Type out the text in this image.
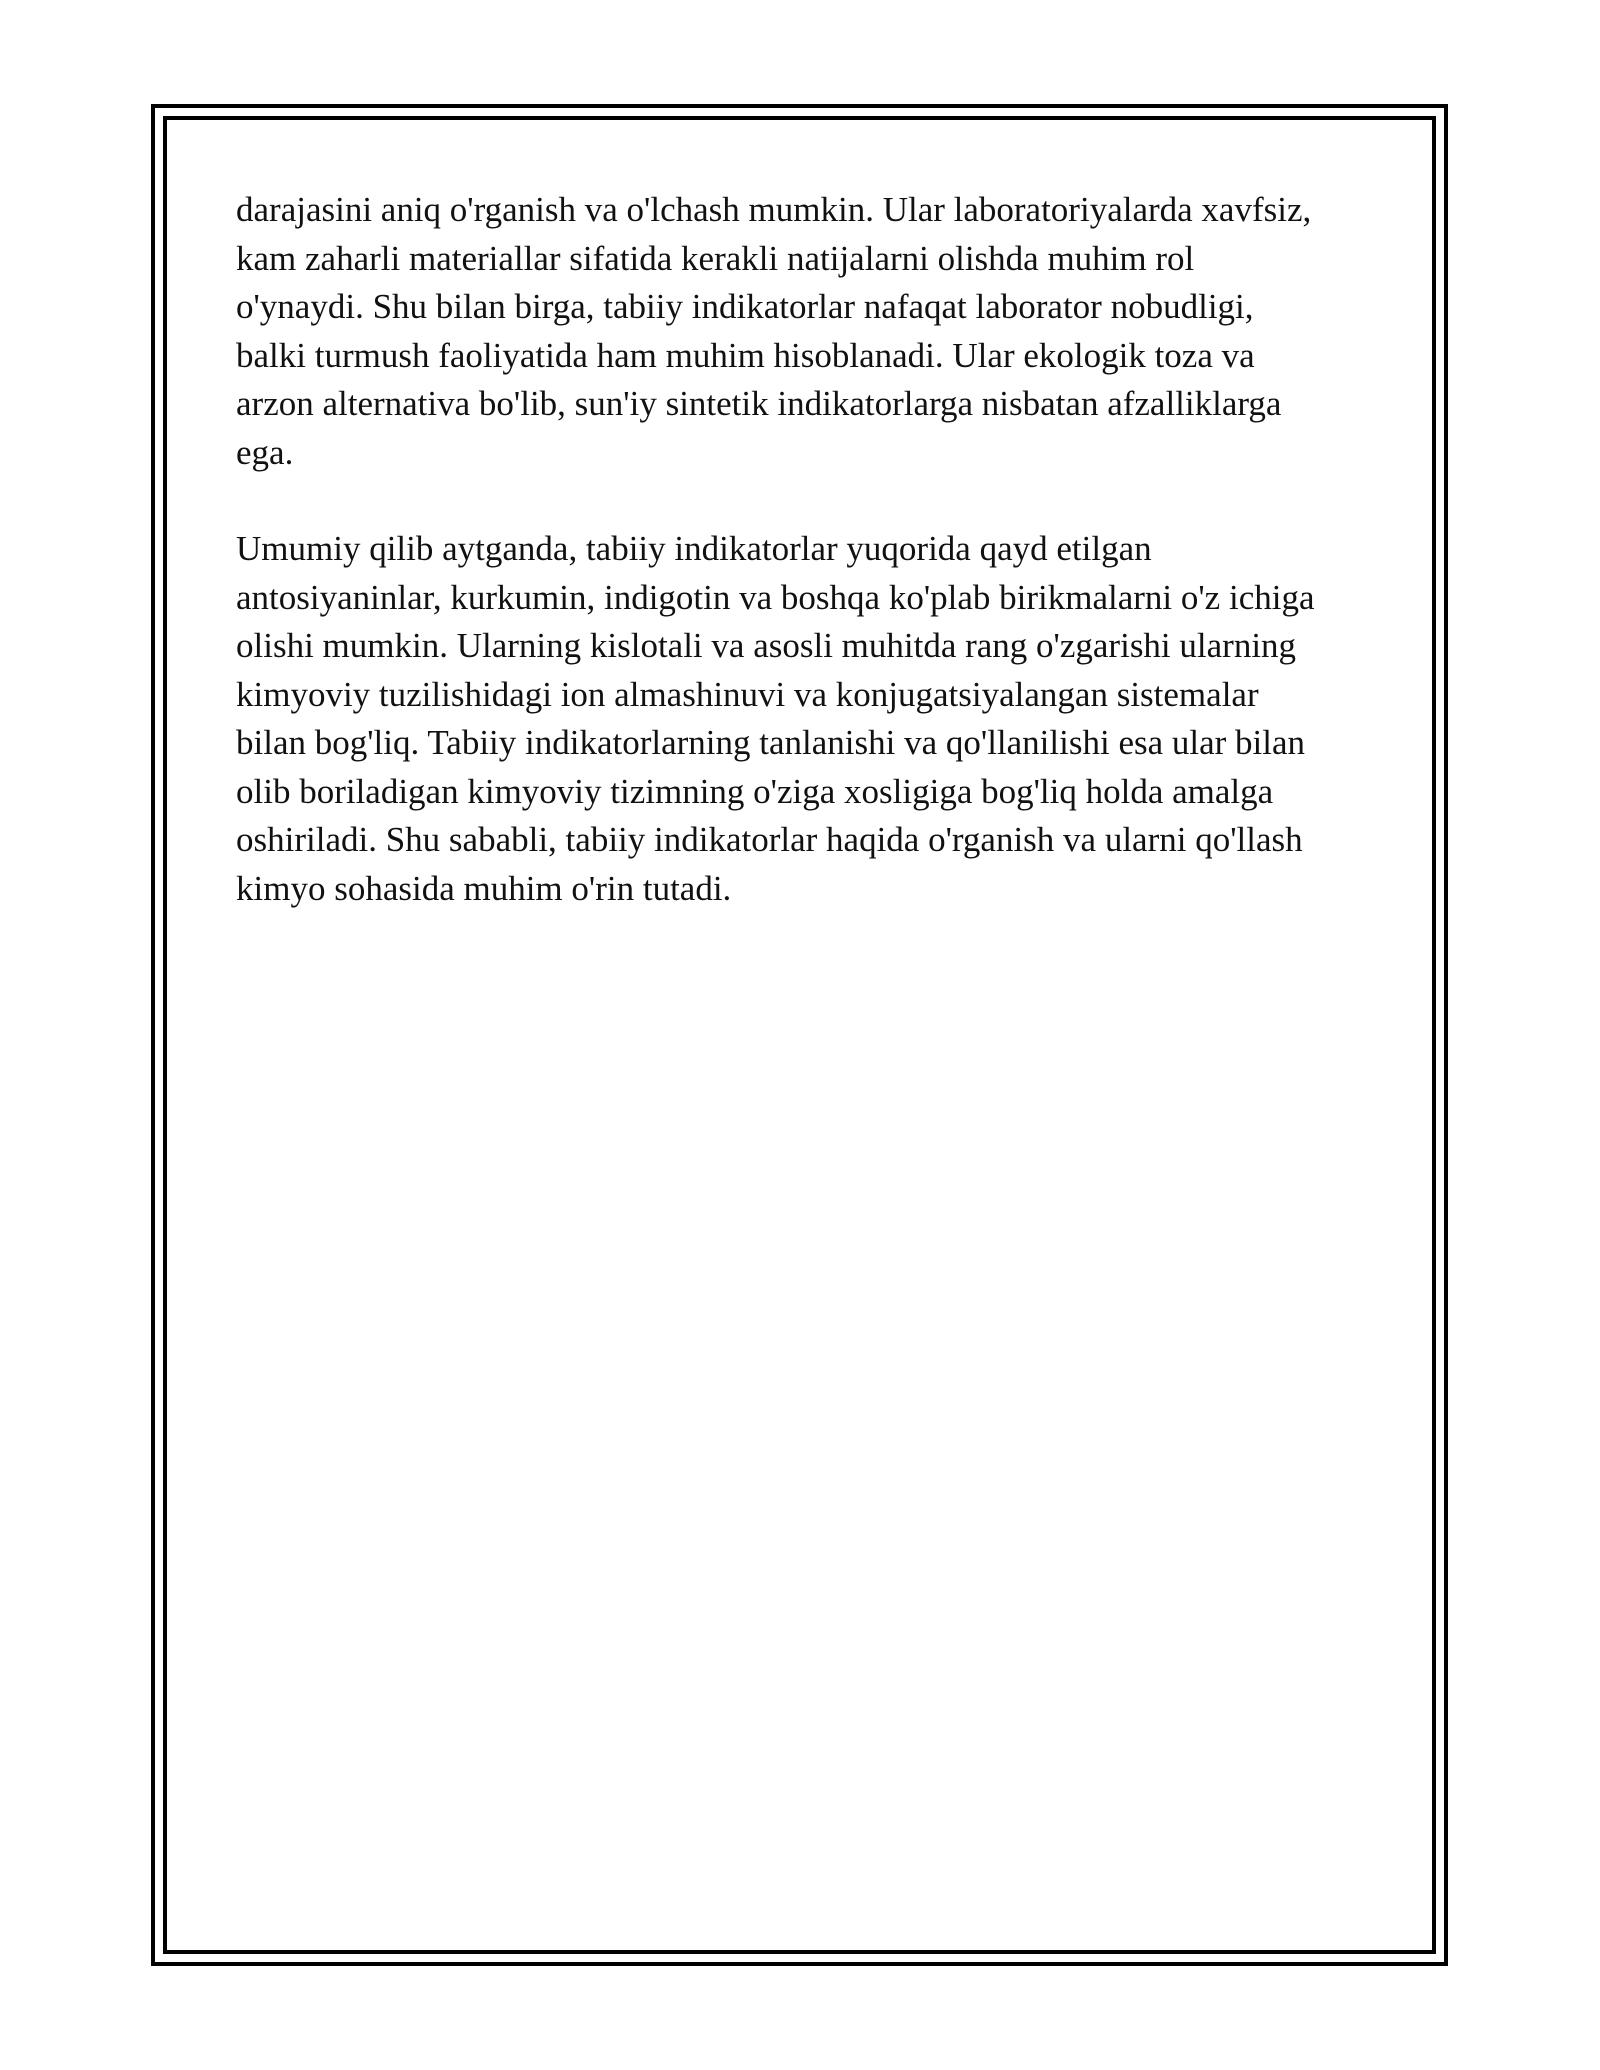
darajasini aniq o'rganish va o'lchash mumkin. Ular laboratoriyalarda xavfsiz,
kam zaharli materiallar sifatida kerakli natijalarni olishda muhim rol
o'ynaydi. Shu bilan birga, tabiiy indikatorlar nafaqat laborator nobudligi,
balki turmush faoliyatida ham muhim hisoblanadi. Ular ekologik toza va
arzon alternativa bo'lib, sun'iy sintetik indikatorlarga nisbatan afzalliklarga
ega.

Umumiy qilib aytganda, tabiiy indikatorlar yuqorida qayd etilgan
antosiyaninlar, kurkumin, indigotin va boshqa ko'plab birikmalarni o'z ichiga
olishi mumkin. Ularning kislotali va asosli muhitda rang o'zgarishi ularning
kimyoviy tuzilishidagi ion almashinuvi va konjugatsiyalangan sistemalar
bilan bog'liq. Tabiiy indikatorlarning tanlanishi va qo'llanilishi esa ular bilan
olib boriladigan kimyoviy tizimning o'ziga xosligiga bog'liq holda amalga
oshiriladi. Shu sababli, tabiiy indikatorlar haqida o'rganish va ularni qo'llash
kimyo sohasida muhim o'rin tutadi.
